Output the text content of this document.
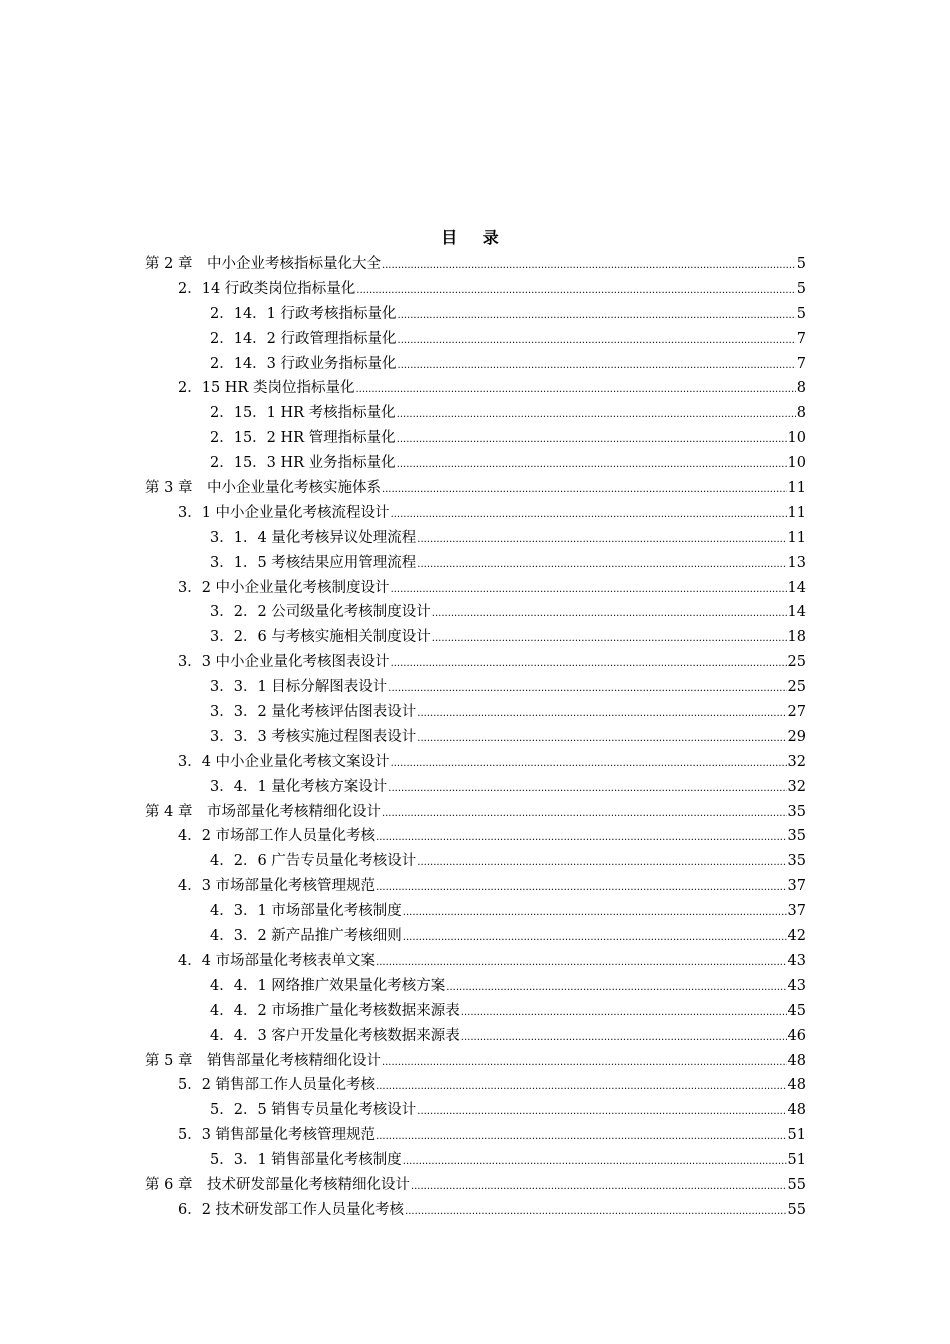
目 录
第 2 章　中小企业考核指标量化大全 .....	5
2．14 行政类岗位指标量化 .....	5
2．14．1 行政考核指标量化 .....	5
2．14．2 行政管理指标量化 .....	7
2．14．3 行政业务指标量化 .....	7
2．15 HR 类岗位指标量化 .....	8
2．15．1 HR 考核指标量化 .....	8
2．15．2 HR 管理指标量化 .....	10
2．15．3 HR 业务指标量化 .....	10
第 3 章　中小企业量化考核实施体系 .....	11
3．1 中小企业量化考核流程设计 .....	11
3．1．4 量化考核异议处理流程 .....	11
3．1．5 考核结果应用管理流程 .....	13
3．2 中小企业量化考核制度设计 .....	14
3．2．2 公司级量化考核制度设计 .....	14
3．2．6 与考核实施相关制度设计 .....	18
3．3 中小企业量化考核图表设计 .....	25
3．3．1 目标分解图表设计 .....	25
3．3．2 量化考核评估图表设计 .....	27
3．3．3 考核实施过程图表设计 .....	29
3．4 中小企业量化考核文案设计 .....	32
3．4．1 量化考核方案设计 .....	32
第 4 章　市场部量化考核精细化设计 .....	35
4．2 市场部工作人员量化考核 .....	35
4．2．6 广告专员量化考核设计 .....	35
4．3 市场部量化考核管理规范 .....	37
4．3．1 市场部量化考核制度 .....	37
4．3．2 新产品推广考核细则 .....	42
4．4 市场部量化考核表单文案 .....	43
4．4．1 网络推广效果量化考核方案 .....	43
4．4．2 市场推广量化考核数据来源表 .....	45
4．4．3 客户开发量化考核数据来源表 .....	46
第 5 章　销售部量化考核精细化设计 .....	48
5．2 销售部工作人员量化考核 .....	48
5．2．5 销售专员量化考核设计 .....	48
5．3 销售部量化考核管理规范 .....	51
5．3．1 销售部量化考核制度 .....	51
第 6 章　技术研发部量化考核精细化设计 .....	55
6．2 技术研发部工作人员量化考核 .....	55
